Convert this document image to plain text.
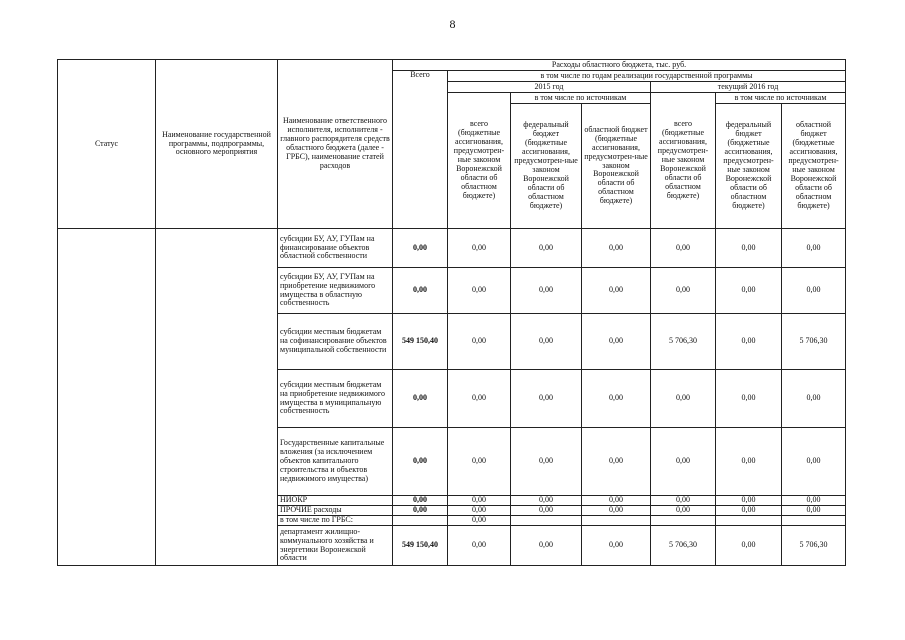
8
Статус	Наименование государственной программы, подпрограммы, основного мероприятия	Наименование ответственного исполнителя, исполнителя - главного распорядителя средств областного бюджета (далее - ГРБС), наименование статей расходов	Расходы областного бюджета, тыс. руб.						
			Всего	в том числе по годам реализации государственной программы					
				2015 год			текущий 2016 год		
				всего (бюджетные ассигнования, предусмотрен-ные законом Воронежской области об областном бюджете)	в том числе по источникам		всего (бюджетные ассигнования, предусмотрен-ные законом Воронежской области об областном бюджете)	в том числе по источникам	
					федеральный бюджет (бюджетные ассигнования, предусмотрен-ные законом Воронежской области об областном бюджете)	областной бюджет (бюджетные ассигнования, предусмотрен-ные законом Воронежской области об областном бюджете)		федеральный бюджет (бюджетные ассигнования, предусмотрен-ные законом Воронежской области об областном бюджете)	областной бюджет (бюджетные ассигнования, предусмотрен-ные законом Воронежской области об областном бюджете)
		субсидии БУ, АУ, ГУПам на финансирование объектов областной собственности	0,00	0,00	0,00	0,00	0,00	0,00	0,00
		субсидии БУ, АУ, ГУПам на приобретение недвижимого имущества в областную собственность	0,00	0,00	0,00	0,00	0,00	0,00	0,00
		субсидии местным бюджетам на софинансирование объектов муниципальной собственности	549 150,40	0,00	0,00	0,00	5 706,30	0,00	5 706,30
		субсидии местным бюджетам на приобретение недвижимого имущества в муниципальную собственность	0,00	0,00	0,00	0,00	0,00	0,00	0,00
		Государственные капитальные вложения (за исключением объектов капитального строительства и объектов недвижимого имущества)	0,00	0,00	0,00	0,00	0,00	0,00	0,00
		НИОКР	0,00	0,00	0,00	0,00	0,00	0,00	0,00
		ПРОЧИЕ расходы	0,00	0,00	0,00	0,00	0,00	0,00	0,00
		в том числе по ГРБС:		0,00					
		департамент жилищно-коммунального хозяйства и энергетики Воронежской области	549 150,40	0,00	0,00	0,00	5 706,30	0,00	5 706,30
